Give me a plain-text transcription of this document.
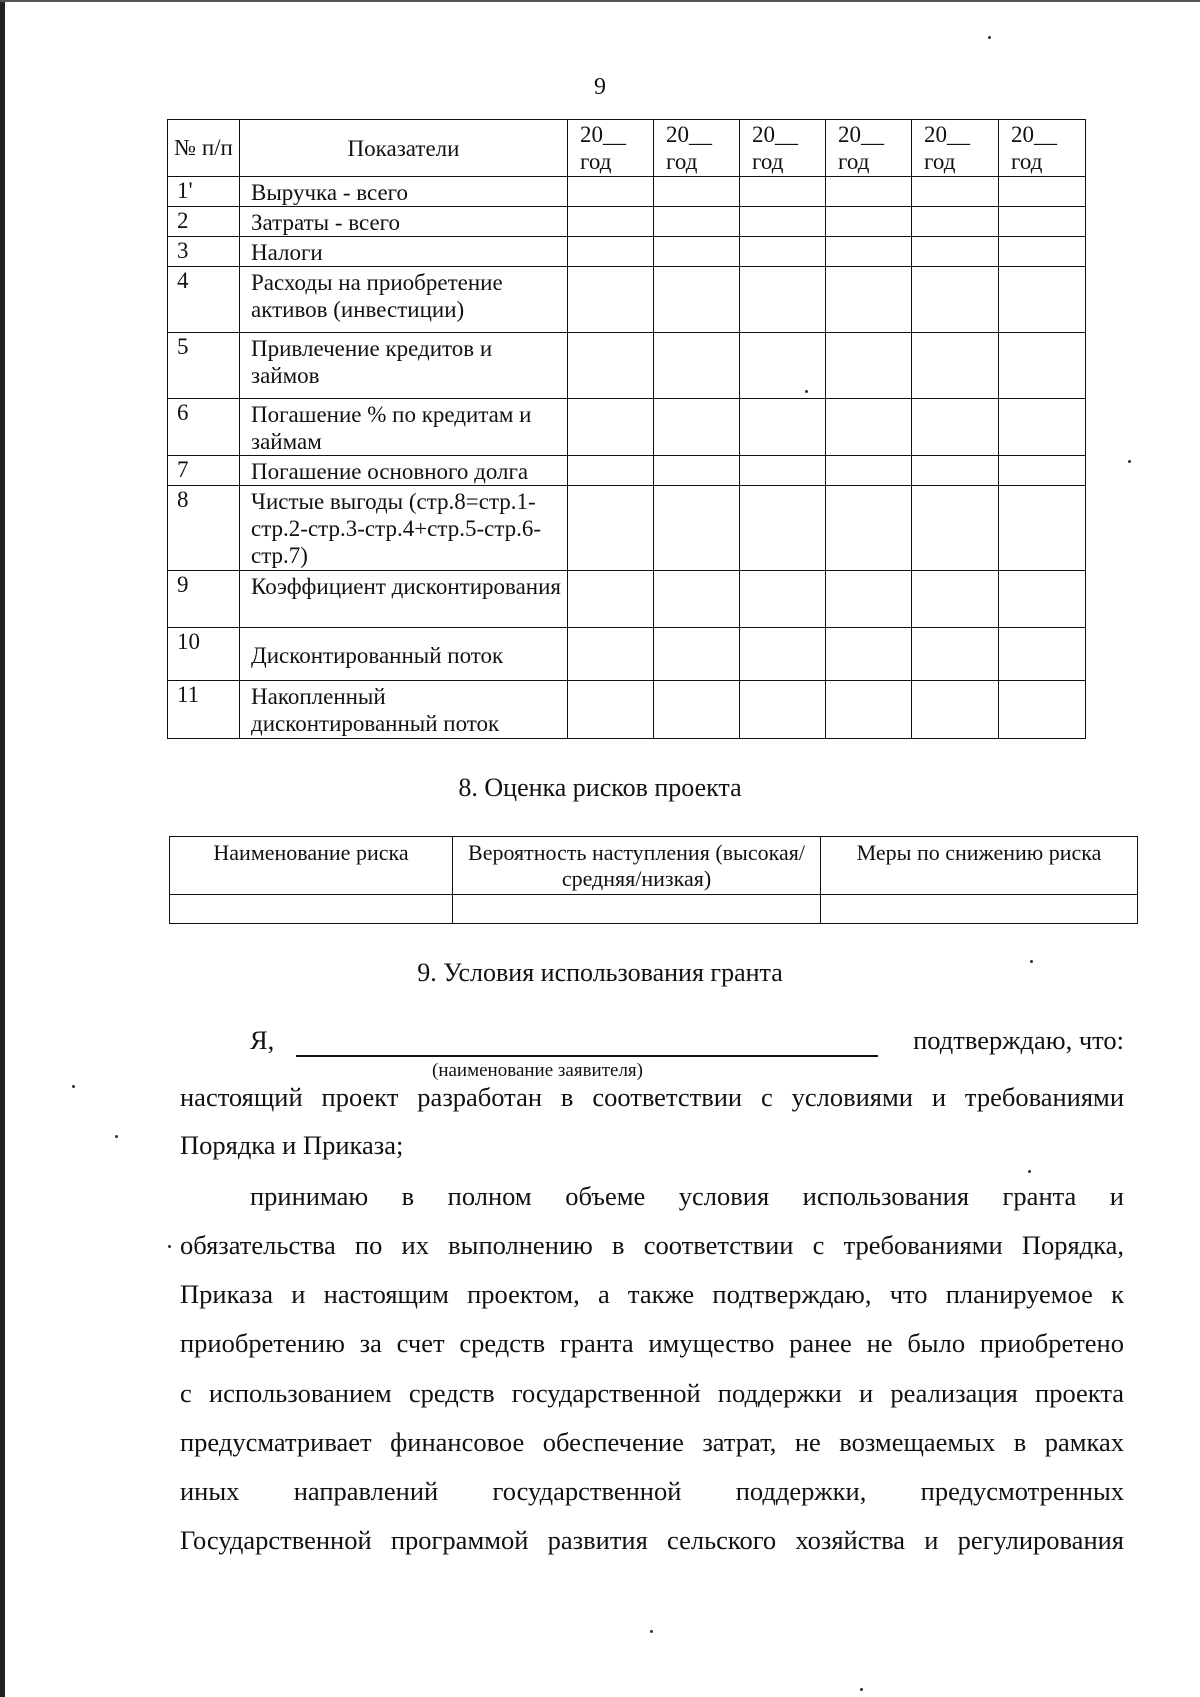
9
№ п/п	Показатели	20__ год	20__ год	20__ год	20__ год	20__ год	20__ год
1'	Выручка - всего						
2	Затраты - всего						
3	Налоги						
4	Расходы на приобретение активов (инвестиции)						
5	Привлечение кредитов и займов						
6	Погашение % по кредитам и займам						
7	Погашение основного долга						
8	Чистые выгоды (стр.8=стр.1-стр.2-стр.3-стр.4+стр.5-стр.6-стр.7)						
9	Коэффициент дисконтирования						
10	Дисконтированный поток						
11	Накопленный дисконтированный поток						
8. Оценка рисков проекта
Наименование риска	Вероятность наступления (высокая/средняя/низкая)	Меры по снижению риска

9. Условия использования гранта
Я,	подтверждаю, что:
(наименование заявителя)
настоящий проект разработан в соответствии с условиями и требованиями
Порядка и Приказа;
принимаю в полном объеме условия использования гранта и
обязательства по их выполнению в соответствии с требованиями Порядка,
Приказа и настоящим проектом, а также подтверждаю, что планируемое к
приобретению за счет средств гранта имущество ранее не было приобретено
с использованием средств государственной поддержки и реализация проекта
предусматривает финансовое обеспечение затрат, не возмещаемых в рамках
иных направлений государственной поддержки, предусмотренных
Государственной программой развития сельского хозяйства и регулирования
